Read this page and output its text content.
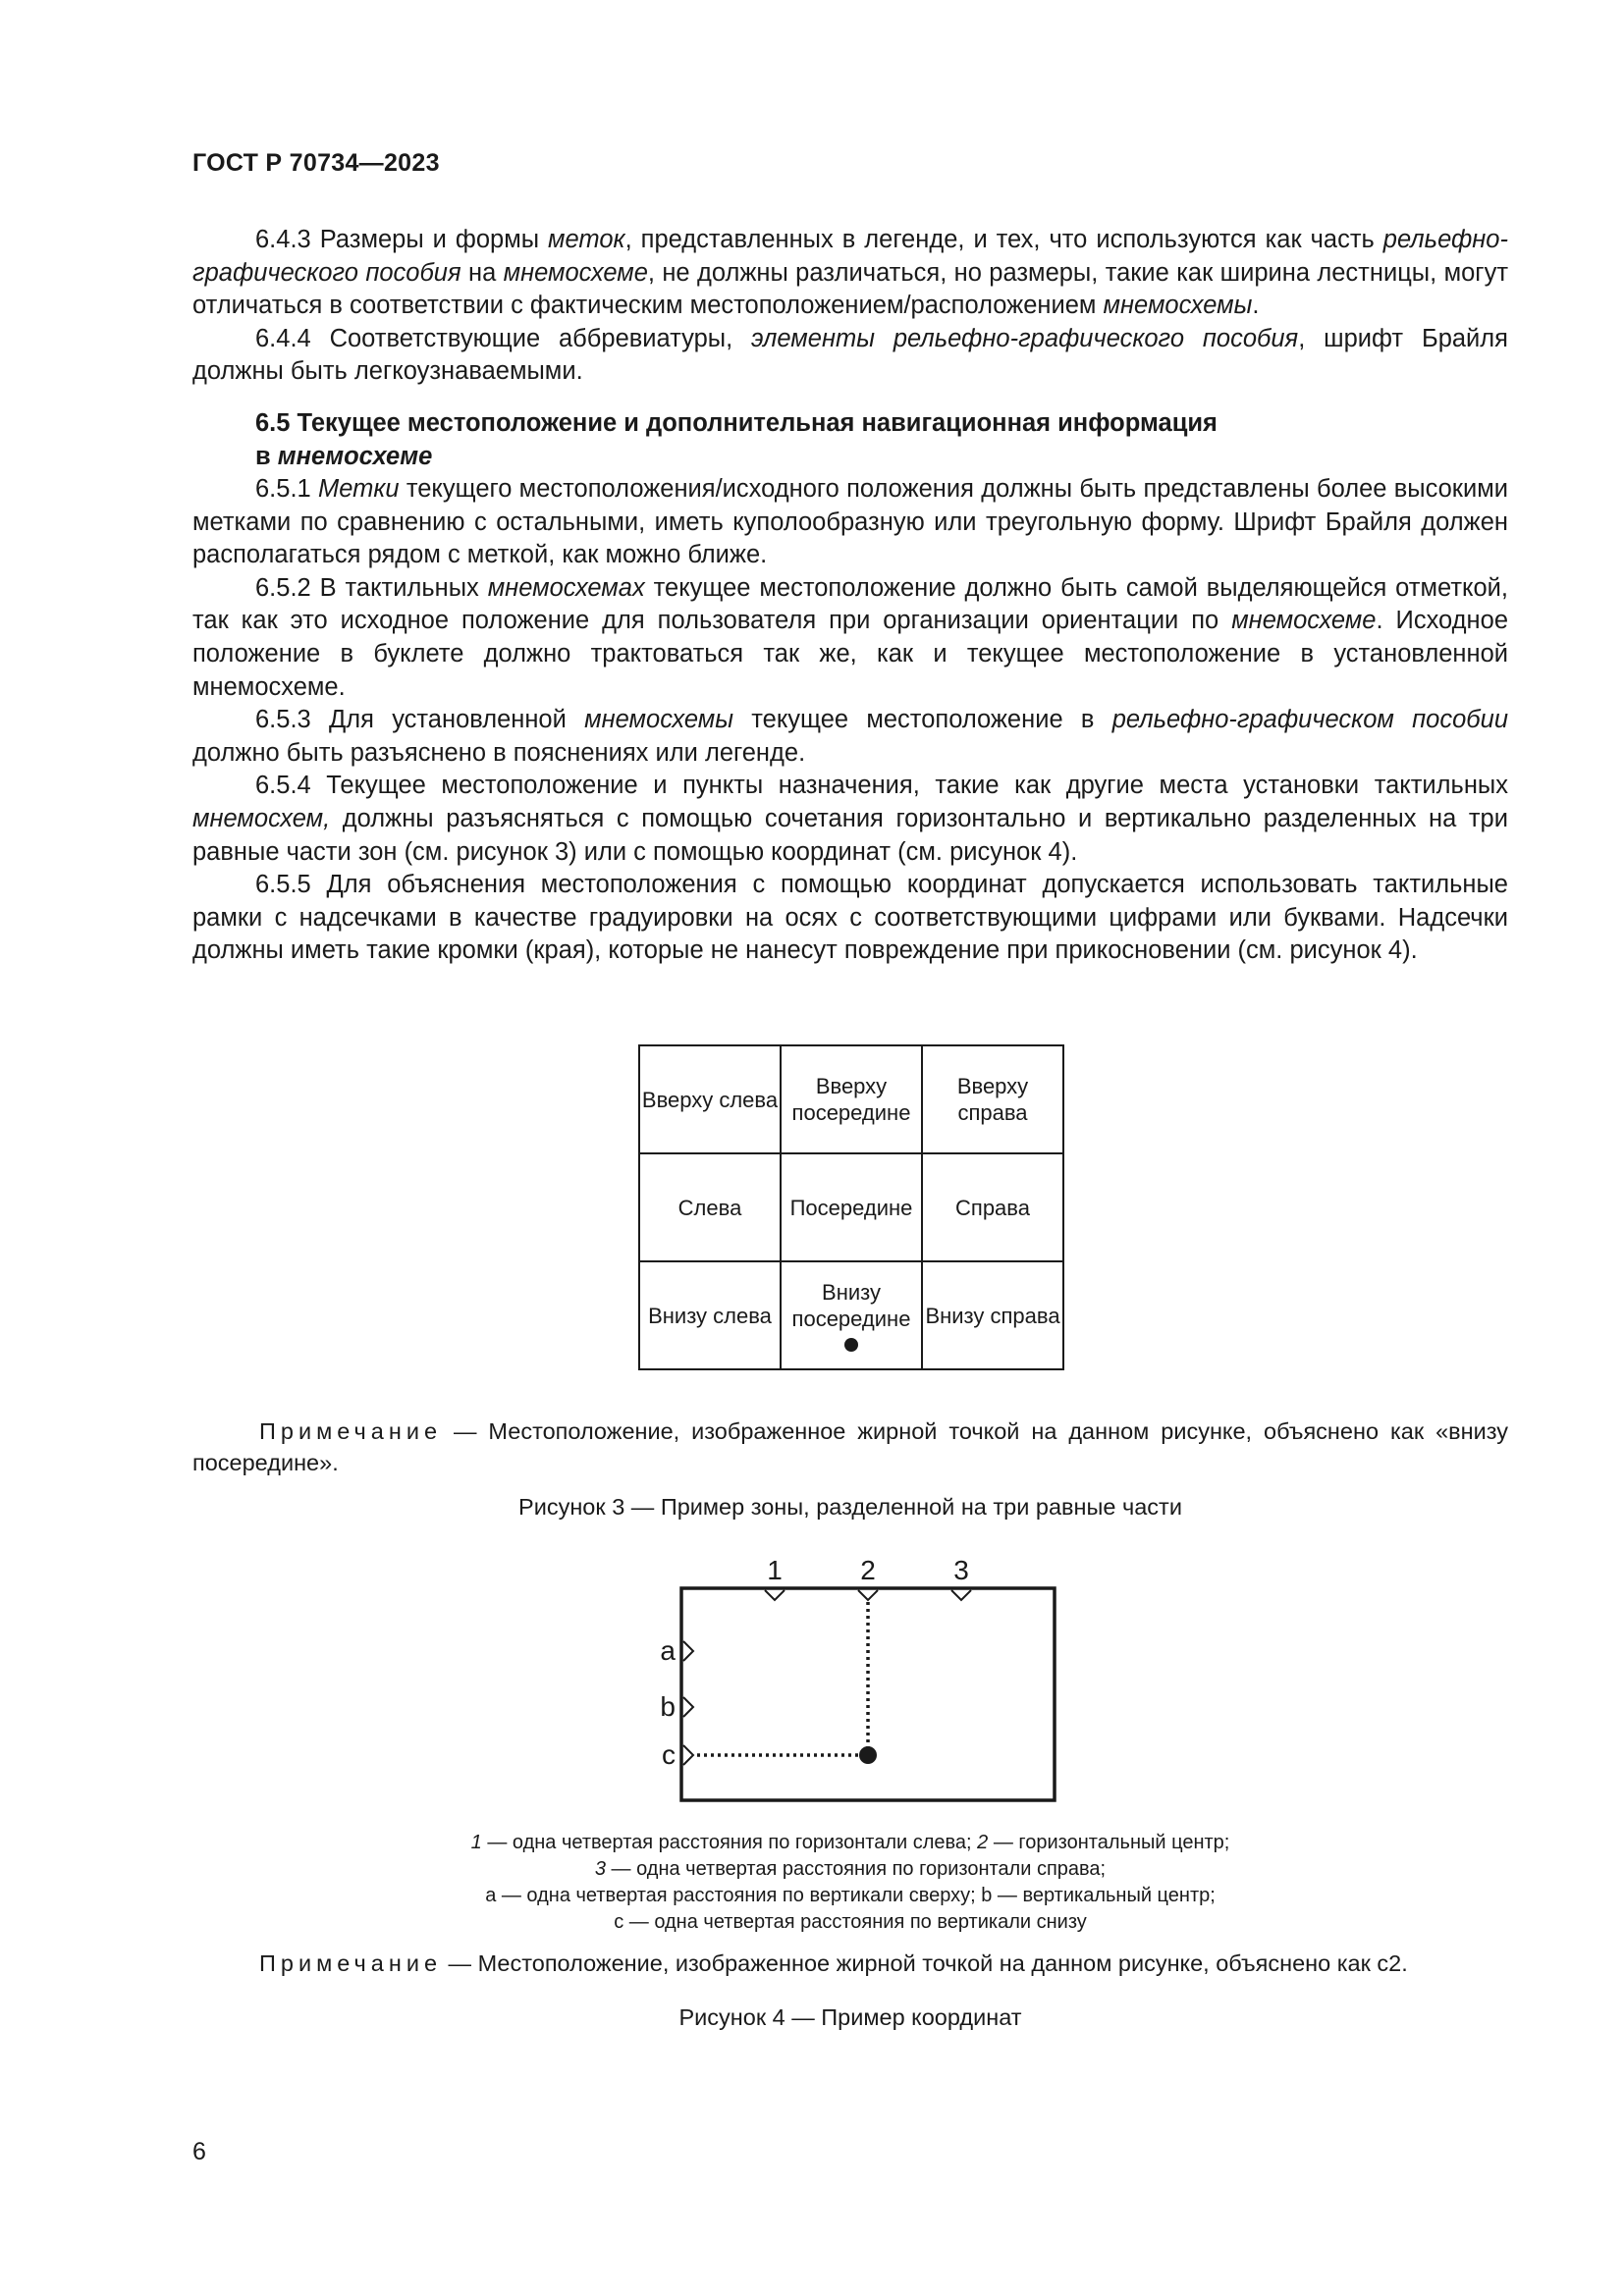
ГОСТ Р 70734—2023

6.4.3 Размеры и формы меток, представленных в легенде, и тех, что используются как часть рельефно-графического пособия на мнемосхеме, не должны различаться, но размеры, такие как ширина лестницы, могут отличаться в соответствии с фактическим местоположением/расположением мнемосхемы.

6.4.4 Соответствующие аббревиатуры, элементы рельефно-графического пособия, шрифт Брайля должны быть легкоузнаваемыми.

6.5 Текущее местоположение и дополнительная навигационная информация
в мнемосхеме

6.5.1 Метки текущего местоположения/исходного положения должны быть представлены более высокими метками по сравнению с остальными, иметь куполообразную или треугольную форму. Шрифт Брайля должен располагаться рядом с меткой, как можно ближе.

6.5.2 В тактильных мнемосхемах текущее местоположение должно быть самой выделяющейся отметкой, так как это исходное положение для пользователя при организации ориентации по мнемосхеме. Исходное положение в буклете должно трактоваться так же, как и текущее местоположение в установленной мнемосхеме.

6.5.3 Для установленной мнемосхемы текущее местоположение в рельефно-графическом пособии должно быть разъяснено в пояснениях или легенде.

6.5.4 Текущее местоположение и пункты назначения, такие как другие места установки тактильных мнемосхем, должны разъясняться с помощью сочетания горизонтально и вертикально разделенных на три равные части зон (см. рисунок 3) или с помощью координат (см. рисунок 4).

6.5.5 Для объяснения местоположения с помощью координат допускается использовать тактильные рамки с надсечками в качестве градуировки на осях с соответствующими цифрами или буквами. Надсечки должны иметь такие кромки (края), которые не нанесут повреждение при прикосновении (см. рисунок 4).

Вверху слева	Вверху посередине	Вверху справа
Слева	Посередине	Справа
Внизу слева	Внизу посередине	Внизу справа
Примечание — Местоположение, изображенное жирной точкой на данном рисунке, объяснено как «внизу посередине».
Рисунок 3 — Пример зоны, разделенной на три равные части
1	2	3
a
b
c
1 — одна четвертая расстояния по горизонтали слева; 2 — горизонтальный центр;
3 — одна четвертая расстояния по горизонтали справа;
а — одна четвертая расстояния по вертикали сверху; b — вертикальный центр;
с — одна четвертая расстояния по вертикали снизу
Примечание — Местоположение, изображенное жирной точкой на данном рисунке, объяснено как с2.
Рисунок 4 — Пример координат
6
